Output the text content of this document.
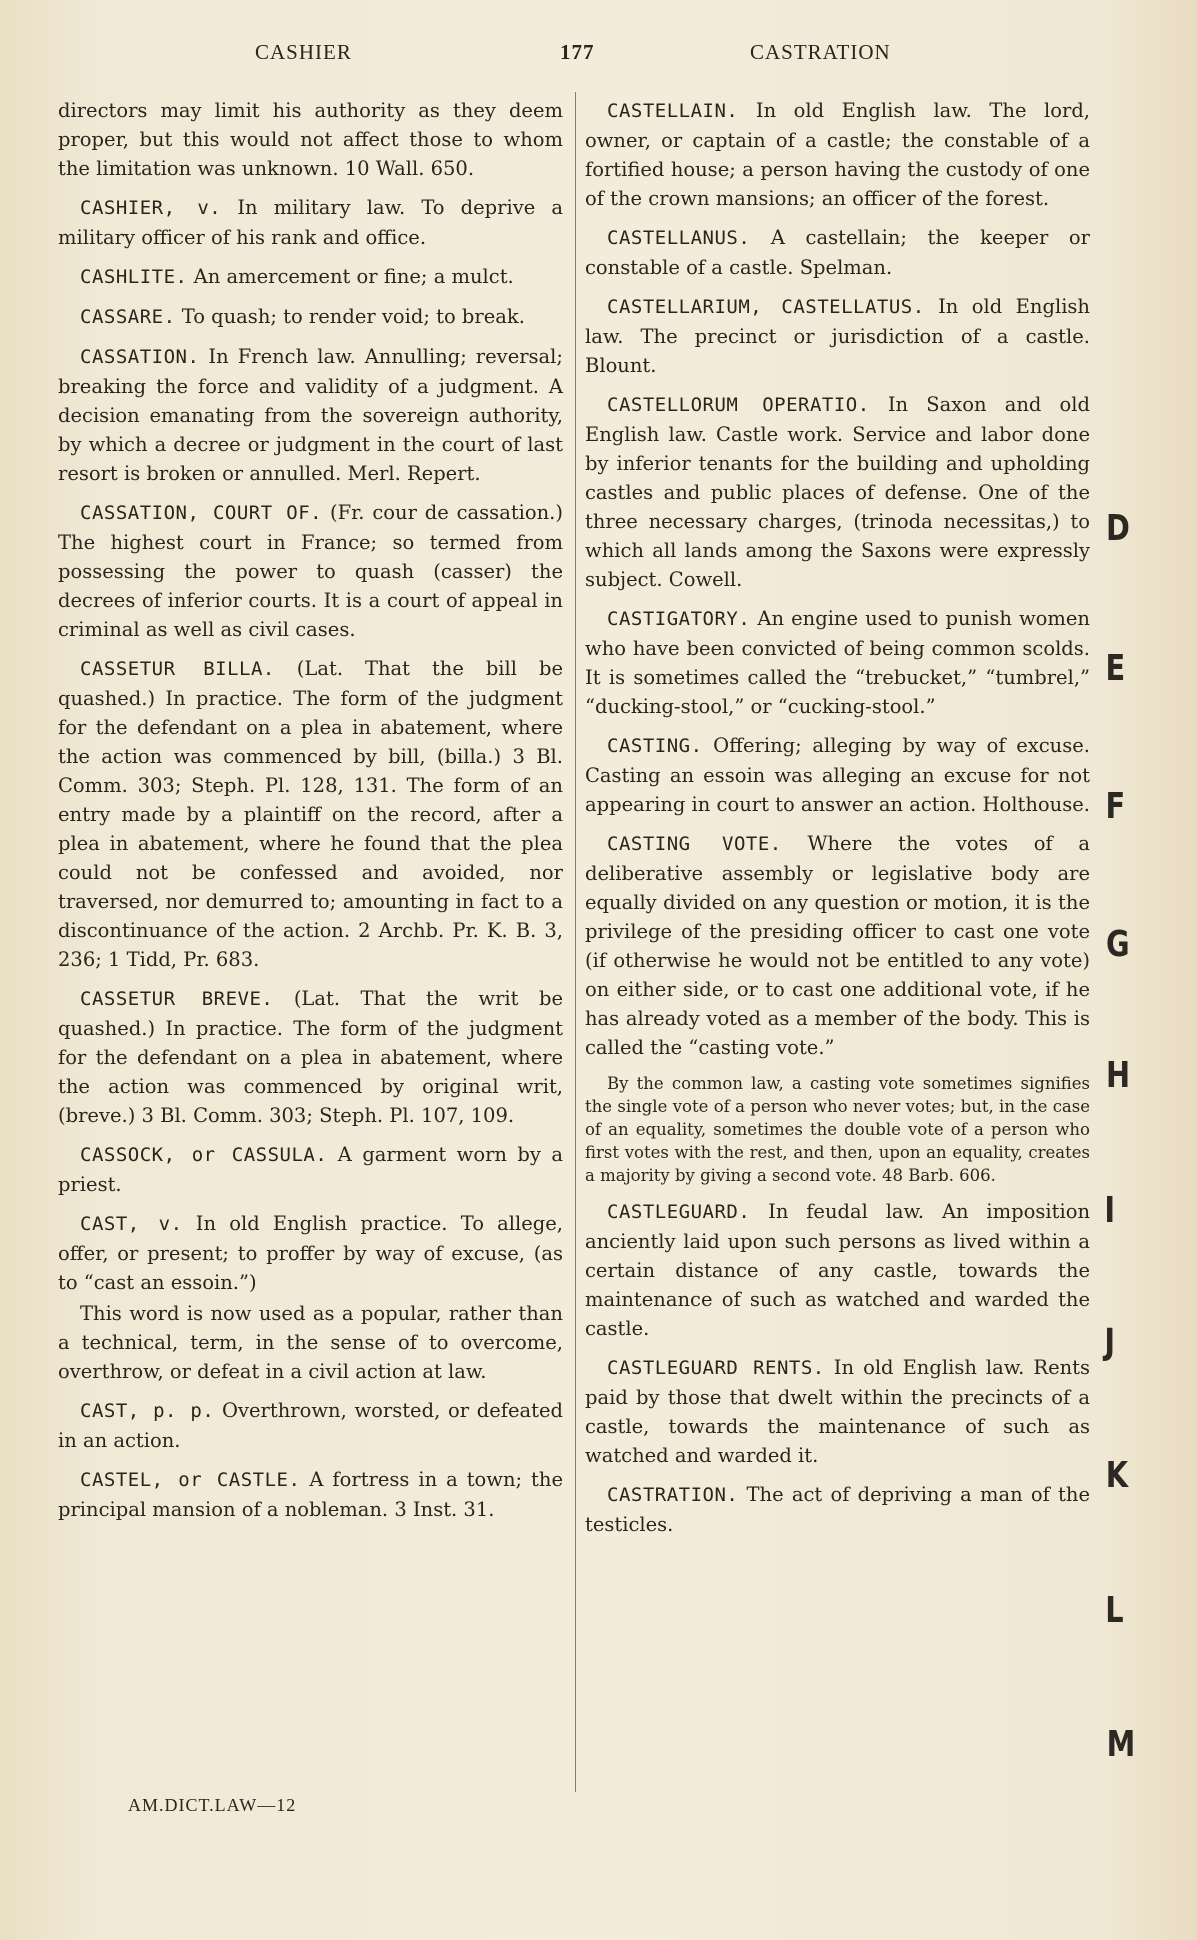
CASHIER	177	CASTRATION

directors may limit his authority as they deem proper, but this would not affect those to whom the limitation was unknown. 10 Wall. 650.

CASHIER, v. In military law. To deprive a military officer of his rank and office.

CASHLITE. An amercement or fine; a mulct.

CASSARE. To quash; to render void; to break.

CASSATION. In French law. Annulling; reversal; breaking the force and validity of a judgment. A decision emanating from the sovereign authority, by which a decree or judgment in the court of last resort is broken or annulled. Merl. Repert.

CASSATION, COURT OF. (Fr. cour de cassation.) The highest court in France; so termed from possessing the power to quash (casser) the decrees of inferior courts. It is a court of appeal in criminal as well as civil cases.

CASSETUR BILLA. (Lat. That the bill be quashed.) In practice. The form of the judgment for the defendant on a plea in abatement, where the action was commenced by bill, (billa.) 3 Bl. Comm. 303; Steph. Pl. 128, 131. The form of an entry made by a plaintiff on the record, after a plea in abatement, where he found that the plea could not be confessed and avoided, nor traversed, nor demurred to; amounting in fact to a discontinuance of the action. 2 Archb. Pr. K. B. 3, 236; 1 Tidd, Pr. 683.

CASSETUR BREVE. (Lat. That the writ be quashed.) In practice. The form of the judgment for the defendant on a plea in abatement, where the action was commenced by original writ, (breve.) 3 Bl. Comm. 303; Steph. Pl. 107, 109.

CASSOCK, or CASSULA. A garment worn by a priest.

CAST, v. In old English practice. To allege, offer, or present; to proffer by way of excuse, (as to “cast an essoin.”)

This word is now used as a popular, rather than a technical, term, in the sense of to overcome, overthrow, or defeat in a civil action at law.

CAST, p. p. Overthrown, worsted, or defeated in an action.

CASTEL, or CASTLE. A fortress in a town; the principal mansion of a nobleman. 3 Inst. 31.

CASTELLAIN. In old English law. The lord, owner, or captain of a castle; the constable of a fortified house; a person having the custody of one of the crown mansions; an officer of the forest.

CASTELLANUS. A castellain; the keeper or constable of a castle. Spelman.

CASTELLARIUM, CASTELLATUS. In old English law. The precinct or jurisdiction of a castle. Blount.

CASTELLORUM OPERATIO. In Saxon and old English law. Castle work. Service and labor done by inferior tenants for the building and upholding castles and public places of defense. One of the three necessary charges, (trinoda necessitas,) to which all lands among the Saxons were expressly subject. Cowell.

CASTIGATORY. An engine used to punish women who have been convicted of being common scolds. It is sometimes called the “trebucket,” “tumbrel,” “ducking-stool,” or “cucking-stool.”

CASTING. Offering; alleging by way of excuse. Casting an essoin was alleging an excuse for not appearing in court to answer an action. Holthouse.

CASTING VOTE. Where the votes of a deliberative assembly or legislative body are equally divided on any question or motion, it is the privilege of the presiding officer to cast one vote (if otherwise he would not be entitled to any vote) on either side, or to cast one additional vote, if he has already voted as a member of the body. This is called the “casting vote.”

By the common law, a casting vote sometimes signifies the single vote of a person who never votes; but, in the case of an equality, sometimes the double vote of a person who first votes with the rest, and then, upon an equality, creates a majority by giving a second vote. 48 Barb. 606.

CASTLEGUARD. In feudal law. An imposition anciently laid upon such persons as lived within a certain distance of any castle, towards the maintenance of such as watched and warded the castle.

CASTLEGUARD RENTS. In old English law. Rents paid by those that dwelt within the precincts of a castle, towards the maintenance of such as watched and warded it.

CASTRATION. The act of depriving a man of the testicles.

AM.DICT.LAW—12
D
E
F
G
H
I
J
K
L
M
